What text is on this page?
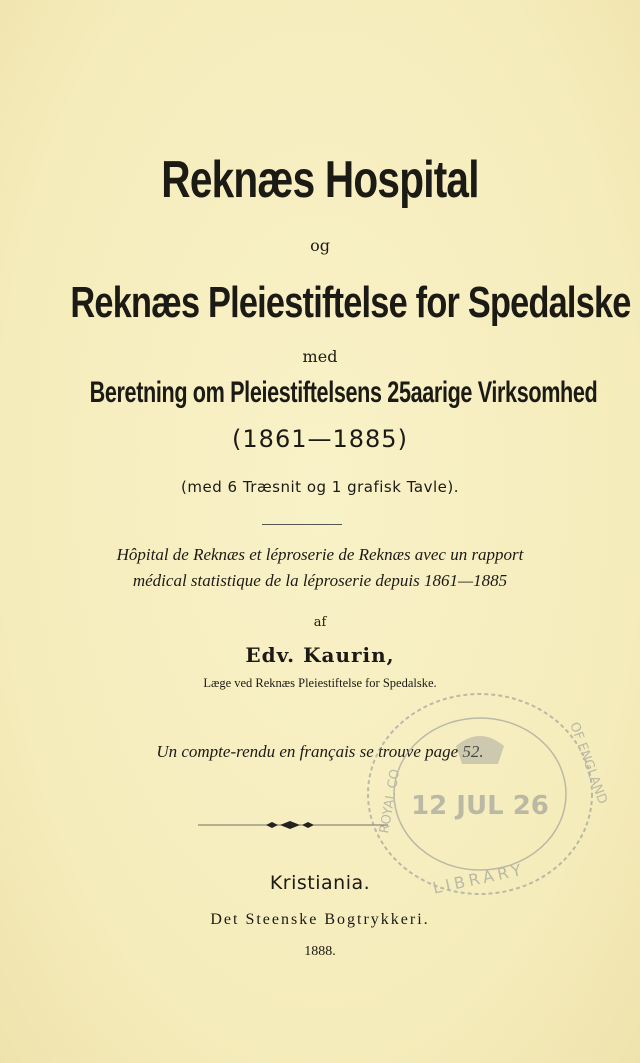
Reknæs Hospital
og
Reknæs Pleiestiftelse for Spedalske
med
Beretning om Pleiestiftelsens 25aarige Virksomhed
(1861—1885)
(med 6 Træsnit og 1 grafisk Tavle).
Hôpital de Reknæs et léproserie de Reknæs avec un rapport
médical statistique de la léproserie depuis 1861—1885
af
Edv. Kaurin,
Læge ved Reknæs Pleiestiftelse for Spedalske.
Un compte-rendu en français se trouve page 52.
Kristiania.
Det Steenske Bogtrykkeri.
1888.
12 JUL 26
ROYAL CO	OF ENGLAND
LIBRARY
